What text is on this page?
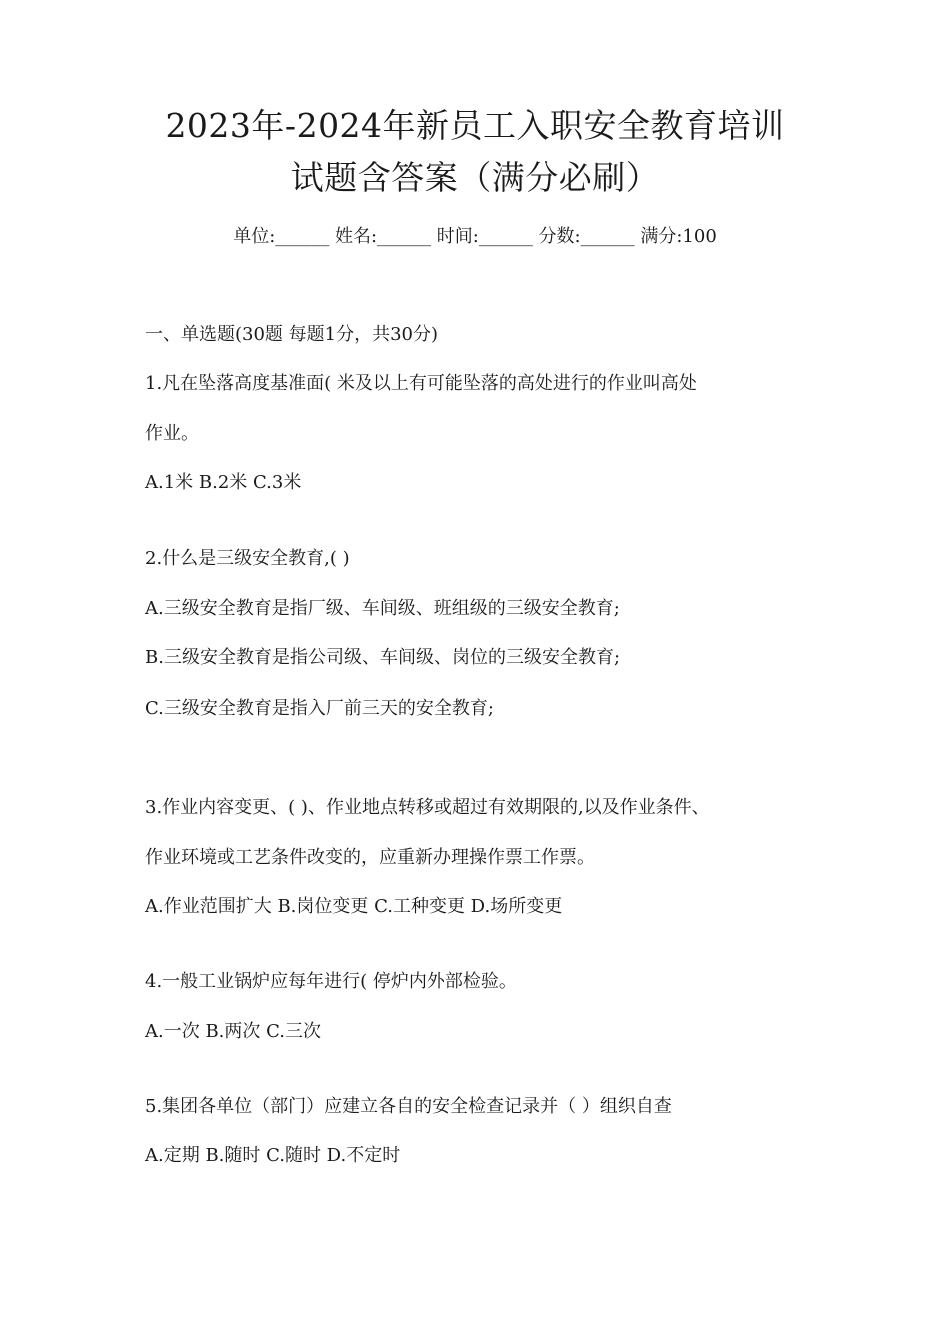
2023年-2024年新员工入职安全教育培训
试题含答案（满分必刷）
单位:______ 姓名:______ 时间:______ 分数:______ 满分:100
一、单选题(30题 每题1分，共30分)
1.凡在坠落高度基准面( 米及以上有可能坠落的高处进行的作业叫高处
作业。
A.1米 B.2米 C.3米
2.什么是三级安全教育,( )
A.三级安全教育是指厂级、车间级、班组级的三级安全教育;
B.三级安全教育是指公司级、车间级、岗位的三级安全教育;
C.三级安全教育是指入厂前三天的安全教育;
3.作业内容变更、( )、作业地点转移或超过有效期限的,以及作业条件、
作业环境或工艺条件改变的，应重新办理操作票工作票。
A.作业范围扩大 B.岗位变更 C.工种变更 D.场所变更
4.一般工业锅炉应每年进行( 停炉内外部检验。
A.一次 B.两次 C.三次
5.集团各单位（部门）应建立各自的安全检查记录并（ ）组织自查
A.定期 B.随时 C.随时 D.不定时
